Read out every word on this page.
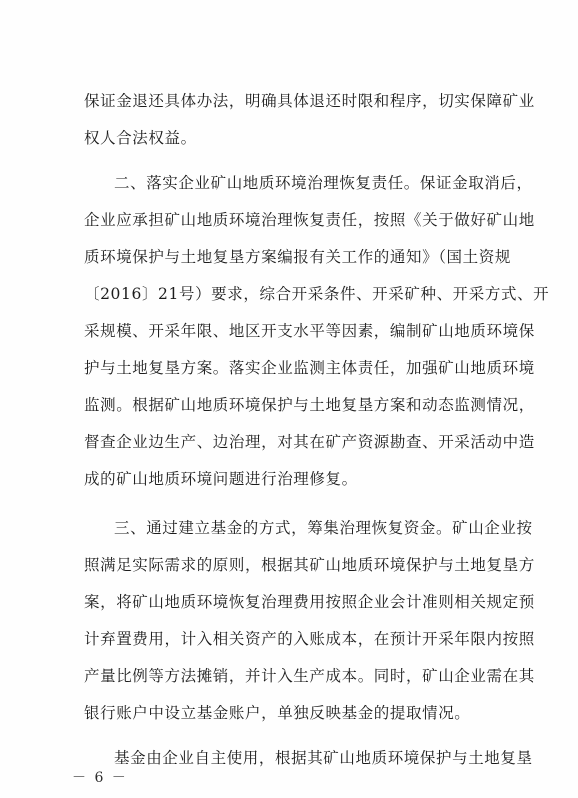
保证金退还具体办法，明确具体退还时限和程序，切实保障矿业
权人合法权益。
二、落实企业矿山地质环境治理恢复责任。保证金取消后，
企业应承担矿山地质环境治理恢复责任，按照《关于做好矿山地
质环境保护与土地复垦方案编报有关工作的通知》（国土资规
〔2016〕21号）要求，综合开采条件、开采矿种、开采方式、开
采规模、开采年限、地区开支水平等因素，编制矿山地质环境保
护与土地复垦方案。落实企业监测主体责任，加强矿山地质环境
监测。根据矿山地质环境保护与土地复垦方案和动态监测情况，
督查企业边生产、边治理，对其在矿产资源勘查、开采活动中造
成的矿山地质环境问题进行治理修复。
三、通过建立基金的方式，筹集治理恢复资金。矿山企业按
照满足实际需求的原则，根据其矿山地质环境保护与土地复垦方
案，将矿山地质环境恢复治理费用按照企业会计准则相关规定预
计弃置费用，计入相关资产的入账成本，在预计开采年限内按照
产量比例等方法摊销，并计入生产成本。同时，矿山企业需在其
银行账户中设立基金账户，单独反映基金的提取情况。
基金由企业自主使用，根据其矿山地质环境保护与土地复垦
－ 6 －
